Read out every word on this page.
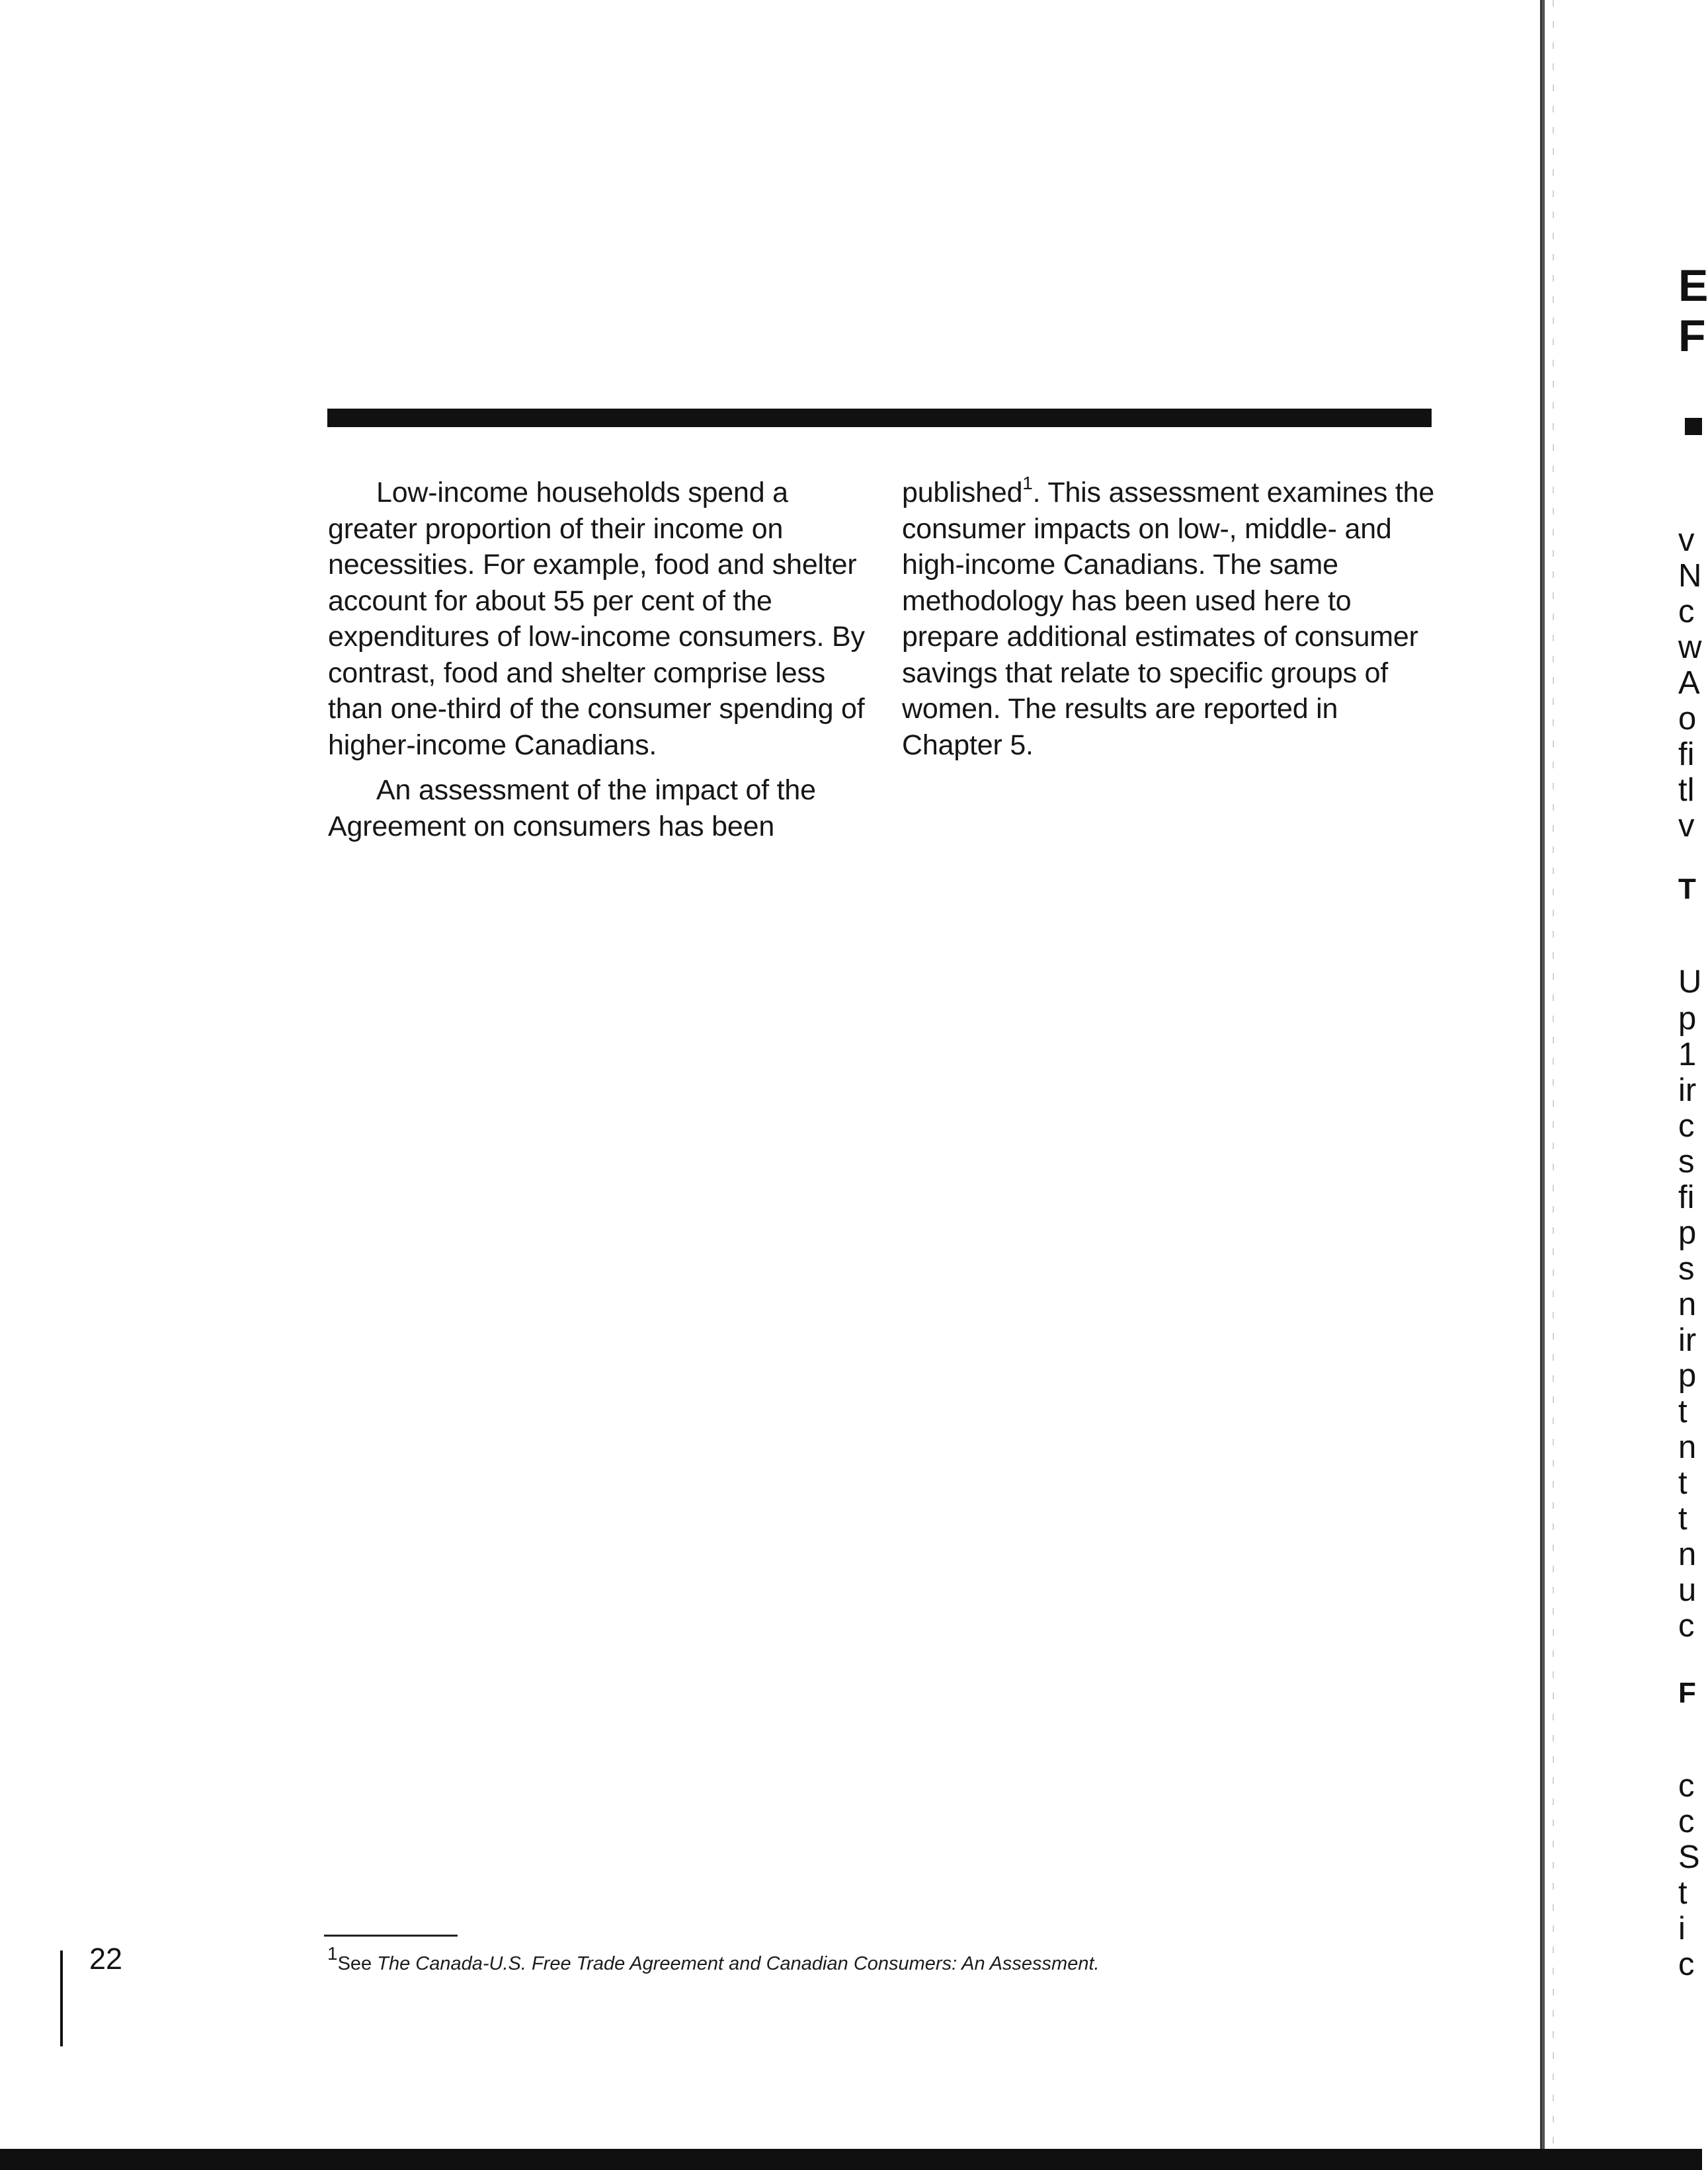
Low-income households spend a greater proportion of their income on necessities. For example, food and shelter account for about 55 per cent of the expenditures of low-income consumers. By contrast, food and shelter comprise less than one-third of the consumer spending of higher-income Canadians.

An assessment of the impact of the Agreement on consumers has been

published$^1$. This assessment examines the consumer impacts on low-, middle- and high-income Canadians. The same methodology has been used here to prepare additional estimates of consumer savings that relate to specific groups of women. The results are reported in Chapter 5.

$^1$See The Canada-U.S. Free Trade Agreement and Canadian Consumers: An Assessment.
22
E
F
v
N
c
w
A
o
fi
tl
v
T
U
p
1
ir
c
s
fi
p
s
n
ir
p
t
n
t
t
n
u
c
F
c
c
S
t
i
c
